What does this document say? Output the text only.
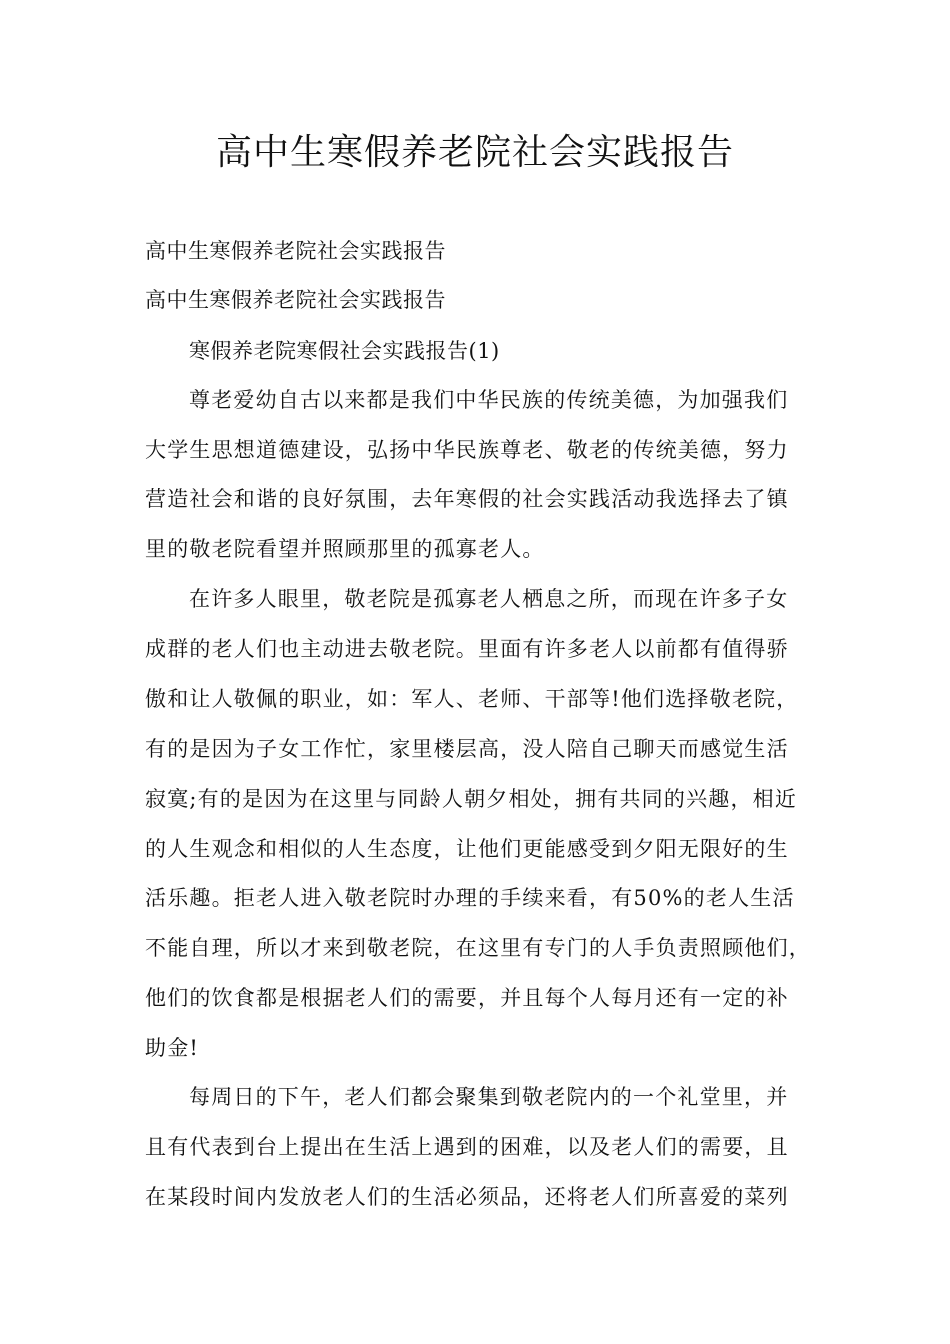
高中生寒假养老院社会实践报告

高中生寒假养老院社会实践报告

高中生寒假养老院社会实践报告

寒假养老院寒假社会实践报告(1)

尊老爱幼自古以来都是我们中华民族的传统美德，为加强我们

大学生思想道德建设，弘扬中华民族尊老、敬老的传统美德，努力

营造社会和谐的良好氛围，去年寒假的社会实践活动我选择去了镇

里的敬老院看望并照顾那里的孤寡老人。

在许多人眼里，敬老院是孤寡老人栖息之所，而现在许多子女

成群的老人们也主动进去敬老院。里面有许多老人以前都有值得骄

傲和让人敬佩的职业，如：军人、老师、干部等!他们选择敬老院，

有的是因为子女工作忙，家里楼层高，没人陪自己聊天而感觉生活

寂寞;有的是因为在这里与同龄人朝夕相处，拥有共同的兴趣，相近

的人生观念和相似的人生态度，让他们更能感受到夕阳无限好的生

活乐趣。拒老人进入敬老院时办理的手续来看，有50%的老人生活

不能自理，所以才来到敬老院，在这里有专门的人手负责照顾他们，

他们的饮食都是根据老人们的需要，并且每个人每月还有一定的补

助金!

每周日的下午，老人们都会聚集到敬老院内的一个礼堂里，并

且有代表到台上提出在生活上遇到的困难，以及老人们的需要，且

在某段时间内发放老人们的生活必须品，还将老人们所喜爱的菜列
